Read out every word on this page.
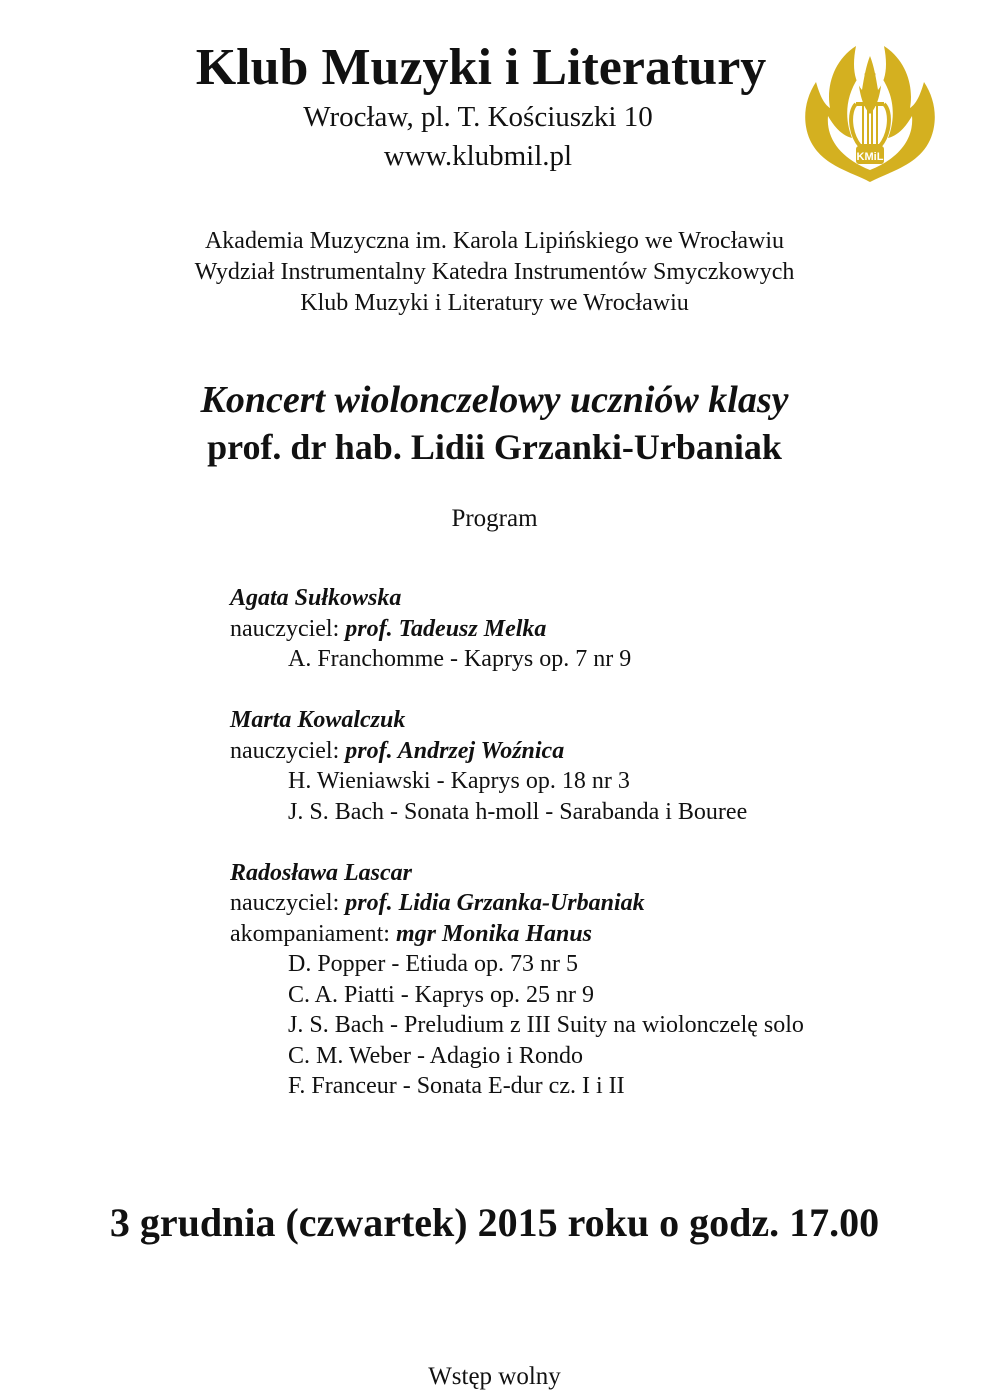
Klub Muzyki i Literatury
Wrocław, pl. T. Kościuszki 10
www.klubmil.pl	KMiL
W
Akademia Muzyczna im. Karola Lipińskiego we Wrocławiu
Wydział Instrumentalny Katedra Instrumentów Smyczkowych
Klub Muzyki i Literatury we Wrocławiu
Koncert wiolonczelowy uczniów klasy
prof. dr hab. Lidii Grzanki-Urbaniak
Program
Agata Sułkowska
nauczyciel: prof. Tadeusz Melka
A. Franchomme - Kaprys op. 7 nr 9
Marta Kowalczuk
nauczyciel: prof. Andrzej Woźnica
H. Wieniawski - Kaprys op. 18 nr 3
J. S. Bach - Sonata h-moll - Sarabanda i Bouree
Radosława Lascar
nauczyciel: prof. Lidia Grzanka-Urbaniak
akompaniament: mgr Monika Hanus
D. Popper - Etiuda op. 73 nr 5
C. A. Piatti - Kaprys op. 25 nr 9
J. S. Bach - Preludium z III Suity na wiolonczelę solo
C. M. Weber - Adagio i Rondo
F. Franceur - Sonata E-dur cz. I i II
3 grudnia (czwartek) 2015 roku o godz. 17.00
Wstęp wolny
